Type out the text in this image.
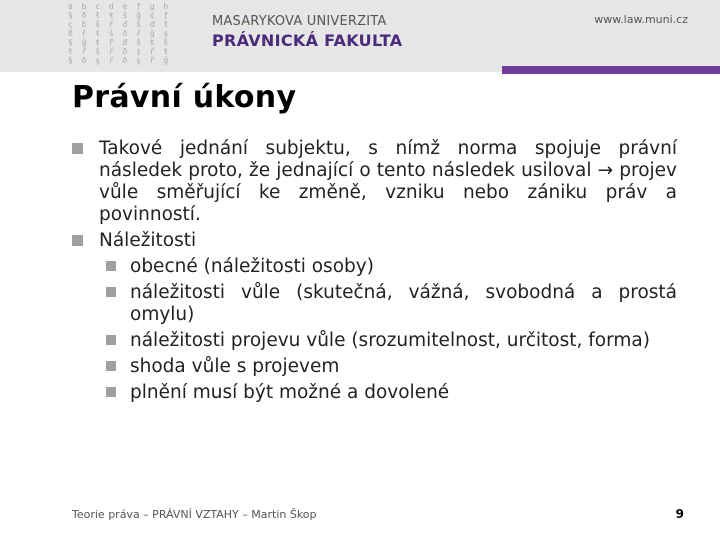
a b c d e f g h
§ ð ł ŧ ŝ ĝ ¢ ƒ
ç ɓ ŝ ř đ š ď ť
ß ř ŧ ŝ ð ř ĝ ş
§ ĝ ŧ ř đ ŝ ŧ ŝ
ŧ ř ŝ ř ð ş ř ŧ
§ ð ş ř ð ş ř ĝ
MASARYKOVA UNIVERZITA
PRÁVNICKÁ FAKULTA
www.law.muni.cz
Právní úkony
Takové jednání subjektu, s nímž norma spojuje právní následek proto, že jednající o tento následek usiloval → projev vůle směřující ke změně, vzniku nebo zániku práv a povinností.
Náležitosti
obecné (náležitosti osoby)
náležitosti vůle (skutečná, vážná, svobodná a prostá omylu)
náležitosti projevu vůle (srozumitelnost, určitost, forma)
shoda vůle s projevem
plnění musí být možné a dovolené
Teorie práva – PRÁVNÍ VZTAHY – Martin Škop	9
